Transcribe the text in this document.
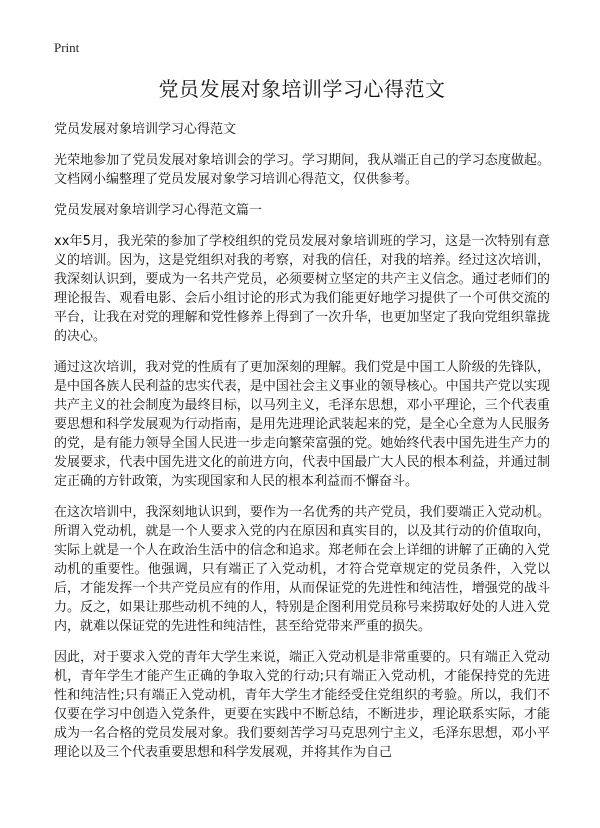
Print
党员发展对象培训学习心得范文
党员发展对象培训学习心得范文

光荣地参加了党员发展对象培训会的学习。学习期间，我从端正自己的学习态度做起。文档网小编整理了党员发展对象学习培训心得范文，仅供参考。

党员发展对象培训学习心得范文篇一

xx年5月，我光荣的参加了学校组织的党员发展对象培训班的学习，这是一次特别有意义的培训。因为，这是党组织对我的考察，对我的信任，对我的培养。经过这次培训，我深刻认识到，要成为一名共产党员，必须要树立坚定的共产主义信念。通过老师们的理论报告、观看电影、会后小组讨论的形式为我们能更好地学习提供了一个可供交流的平台，让我在对党的理解和党性修养上得到了一次升华，也更加坚定了我向党组织靠拢的决心。

通过这次培训，我对党的性质有了更加深刻的理解。我们党是中国工人阶级的先锋队，是中国各族人民利益的忠实代表，是中国社会主义事业的领导核心。中国共产党以实现共产主义的社会制度为最终目标，以马列主义，毛泽东思想，邓小平理论，三个代表重要思想和科学发展观为行动指南，是用先进理论武装起来的党，是全心全意为人民服务的党，是有能力领导全国人民进一步走向繁荣富强的党。她始终代表中国先进生产力的发展要求，代表中国先进文化的前进方向，代表中国最广大人民的根本利益，并通过制定正确的方针政策，为实现国家和人民的根本利益而不懈奋斗。

在这次培训中，我深刻地认识到，要作为一名优秀的共产党员，我们要端正入党动机。所谓入党动机，就是一个人要求入党的内在原因和真实目的，以及其行动的价值取向，实际上就是一个人在政治生活中的信念和追求。郑老师在会上详细的讲解了正确的入党动机的重要性。他强调，只有端正了入党动机，才符合党章规定的党员条件，入党以后，才能发挥一个共产党员应有的作用，从而保证党的先进性和纯洁性，增强党的战斗力。反之，如果让那些动机不纯的人，特别是企图利用党员称号来捞取好处的人进入党内，就难以保证党的先进性和纯洁性，甚至给党带来严重的损失。

因此，对于要求入党的青年大学生来说，端正入党动机是非常重要的。只有端正入党动机，青年学生才能产生正确的争取入党的行动;只有端正入党动机，才能保持党的先进性和纯洁性;只有端正入党动机，青年大学生才能经受住党组织的考验。所以，我们不仅要在学习中创造入党条件，更要在实践中不断总结，不断进步，理论联系实际，才能成为一名合格的党员发展对象。我们要刻苦学习马克思列宁主义，毛泽东思想，邓小平理论以及三个代表重要思想和科学发展观，并将其作为自己
